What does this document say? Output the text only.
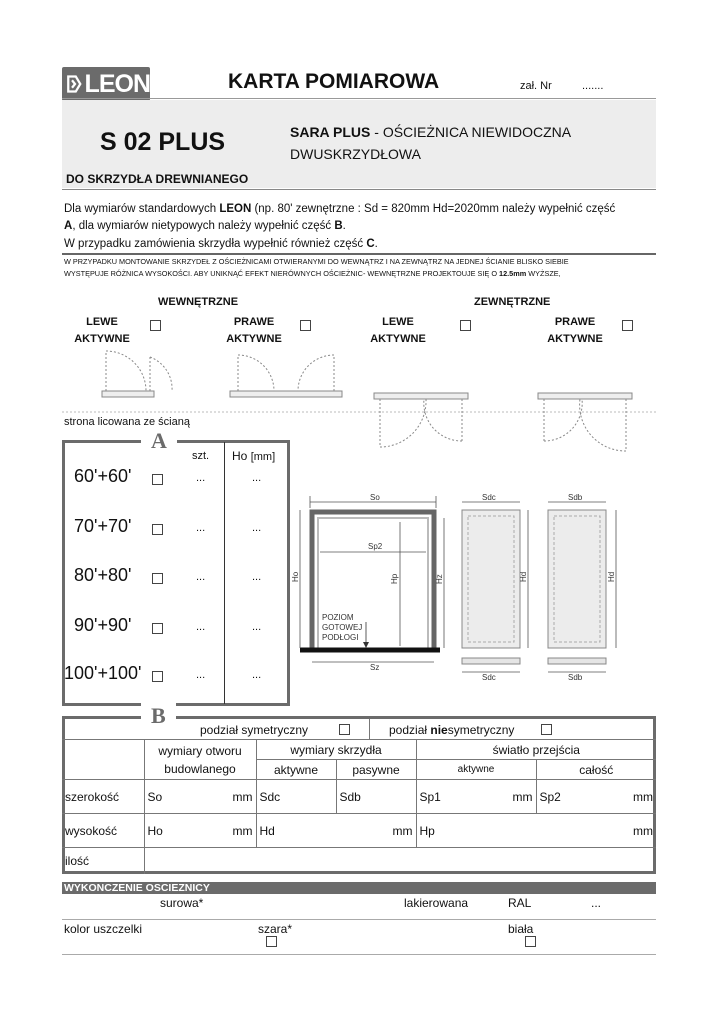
LEON	KARTA POMIAROWA	zał. Nr	.......
S 02 PLUS	SARA PLUS - OŚCIEŻNICA NIEWIDOCZNA
DWUSKRZYDŁOWA
DO SKRZYDŁA DREWNIANEGO
Dla wymiarów standardowych LEON (np. 80' zewnętrzne : Sd = 820mm Hd=2020mm należy wypełnić część
A, dla wymiarów nietypowych należy wypełnić część B.
W przypadku zamówienia skrzydła wypełnić również część C.
W PRZYPADKU MONTOWANIE SKRZYDEŁ Z OŚCIEŻNICAMI OTWIERANYMI DO WEWNĄTRZ I NA ZEWNĄTRZ NA JEDNEJ ŚCIANIE BLISKO SIEBIE
WYSTĘPUJE RÓŻNICA WYSOKOŚCI. ABY UNIKNĄĆ EFEKT NIERÓWNYCH OŚCIEŻNIC- WEWNĘTRZNE PROJEKTOUJE SIĘ O 12.5mm WYŻSZE,
WEWNĘTRZNE	ZEWNĘTRZNE
LEWE
AKTYWNE
PRAWE
AKTYWNE
LEWE
AKTYWNE
PRAWE
AKTYWNE
strona licowana ze ścianą
A
szt. Ho [mm]
60'+60'	...	...
70'+70'	...	...
80'+80'	...	...
90'+90'	...	...
100'+100'	...	...
So
Sp2
Sz
Ho	Hp	Hz
POZIOM
GOTOWEJ
PODŁOGI
Sdc
Hd
Sdc
Sdb
Hd
Sdb
B
podział symetryczny	podział niesymetryczny
	wymiary otworu
budowlanego	wymiary skrzydła		światło przejścia	
		aktywne	pasywne	aktywne	całość
szerokość	So mm	Sdc	Sdb	Sp1 mm	Sp2 mm

wysokość	Ho mm	Hd mm		Hp mm	

ilość					
WYKONCZENIE OSCIEZNICY
surowa*	lakierowana	RAL	...
kolor uszczelki	szara*	biała
